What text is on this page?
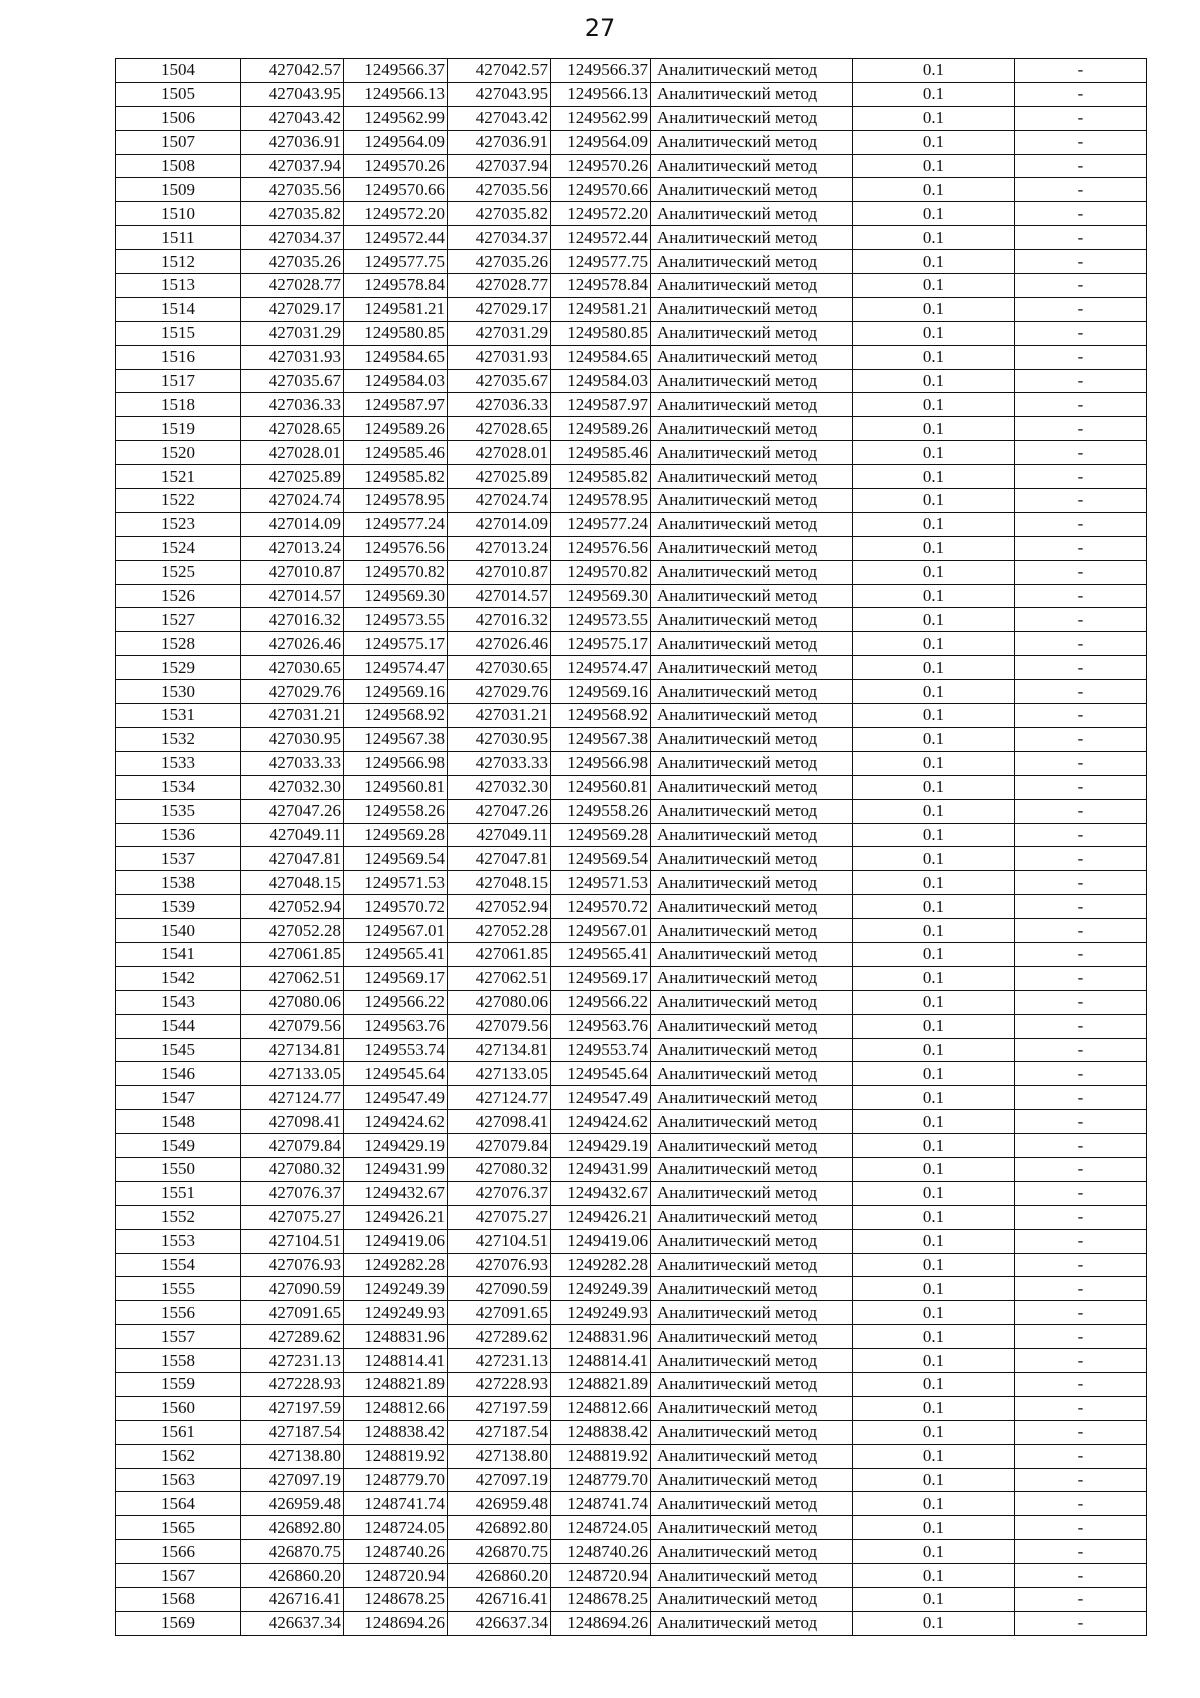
27
1504	427042.57	1249566.37	427042.57	1249566.37	Аналитический метод	0.1	-
1505	427043.95	1249566.13	427043.95	1249566.13	Аналитический метод	0.1	-
1506	427043.42	1249562.99	427043.42	1249562.99	Аналитический метод	0.1	-
1507	427036.91	1249564.09	427036.91	1249564.09	Аналитический метод	0.1	-
1508	427037.94	1249570.26	427037.94	1249570.26	Аналитический метод	0.1	-
1509	427035.56	1249570.66	427035.56	1249570.66	Аналитический метод	0.1	-
1510	427035.82	1249572.20	427035.82	1249572.20	Аналитический метод	0.1	-
1511	427034.37	1249572.44	427034.37	1249572.44	Аналитический метод	0.1	-
1512	427035.26	1249577.75	427035.26	1249577.75	Аналитический метод	0.1	-
1513	427028.77	1249578.84	427028.77	1249578.84	Аналитический метод	0.1	-
1514	427029.17	1249581.21	427029.17	1249581.21	Аналитический метод	0.1	-
1515	427031.29	1249580.85	427031.29	1249580.85	Аналитический метод	0.1	-
1516	427031.93	1249584.65	427031.93	1249584.65	Аналитический метод	0.1	-
1517	427035.67	1249584.03	427035.67	1249584.03	Аналитический метод	0.1	-
1518	427036.33	1249587.97	427036.33	1249587.97	Аналитический метод	0.1	-
1519	427028.65	1249589.26	427028.65	1249589.26	Аналитический метод	0.1	-
1520	427028.01	1249585.46	427028.01	1249585.46	Аналитический метод	0.1	-
1521	427025.89	1249585.82	427025.89	1249585.82	Аналитический метод	0.1	-
1522	427024.74	1249578.95	427024.74	1249578.95	Аналитический метод	0.1	-
1523	427014.09	1249577.24	427014.09	1249577.24	Аналитический метод	0.1	-
1524	427013.24	1249576.56	427013.24	1249576.56	Аналитический метод	0.1	-
1525	427010.87	1249570.82	427010.87	1249570.82	Аналитический метод	0.1	-
1526	427014.57	1249569.30	427014.57	1249569.30	Аналитический метод	0.1	-
1527	427016.32	1249573.55	427016.32	1249573.55	Аналитический метод	0.1	-
1528	427026.46	1249575.17	427026.46	1249575.17	Аналитический метод	0.1	-
1529	427030.65	1249574.47	427030.65	1249574.47	Аналитический метод	0.1	-
1530	427029.76	1249569.16	427029.76	1249569.16	Аналитический метод	0.1	-
1531	427031.21	1249568.92	427031.21	1249568.92	Аналитический метод	0.1	-
1532	427030.95	1249567.38	427030.95	1249567.38	Аналитический метод	0.1	-
1533	427033.33	1249566.98	427033.33	1249566.98	Аналитический метод	0.1	-
1534	427032.30	1249560.81	427032.30	1249560.81	Аналитический метод	0.1	-
1535	427047.26	1249558.26	427047.26	1249558.26	Аналитический метод	0.1	-
1536	427049.11	1249569.28	427049.11	1249569.28	Аналитический метод	0.1	-
1537	427047.81	1249569.54	427047.81	1249569.54	Аналитический метод	0.1	-
1538	427048.15	1249571.53	427048.15	1249571.53	Аналитический метод	0.1	-
1539	427052.94	1249570.72	427052.94	1249570.72	Аналитический метод	0.1	-
1540	427052.28	1249567.01	427052.28	1249567.01	Аналитический метод	0.1	-
1541	427061.85	1249565.41	427061.85	1249565.41	Аналитический метод	0.1	-
1542	427062.51	1249569.17	427062.51	1249569.17	Аналитический метод	0.1	-
1543	427080.06	1249566.22	427080.06	1249566.22	Аналитический метод	0.1	-
1544	427079.56	1249563.76	427079.56	1249563.76	Аналитический метод	0.1	-
1545	427134.81	1249553.74	427134.81	1249553.74	Аналитический метод	0.1	-
1546	427133.05	1249545.64	427133.05	1249545.64	Аналитический метод	0.1	-
1547	427124.77	1249547.49	427124.77	1249547.49	Аналитический метод	0.1	-
1548	427098.41	1249424.62	427098.41	1249424.62	Аналитический метод	0.1	-
1549	427079.84	1249429.19	427079.84	1249429.19	Аналитический метод	0.1	-
1550	427080.32	1249431.99	427080.32	1249431.99	Аналитический метод	0.1	-
1551	427076.37	1249432.67	427076.37	1249432.67	Аналитический метод	0.1	-
1552	427075.27	1249426.21	427075.27	1249426.21	Аналитический метод	0.1	-
1553	427104.51	1249419.06	427104.51	1249419.06	Аналитический метод	0.1	-
1554	427076.93	1249282.28	427076.93	1249282.28	Аналитический метод	0.1	-
1555	427090.59	1249249.39	427090.59	1249249.39	Аналитический метод	0.1	-
1556	427091.65	1249249.93	427091.65	1249249.93	Аналитический метод	0.1	-
1557	427289.62	1248831.96	427289.62	1248831.96	Аналитический метод	0.1	-
1558	427231.13	1248814.41	427231.13	1248814.41	Аналитический метод	0.1	-
1559	427228.93	1248821.89	427228.93	1248821.89	Аналитический метод	0.1	-
1560	427197.59	1248812.66	427197.59	1248812.66	Аналитический метод	0.1	-
1561	427187.54	1248838.42	427187.54	1248838.42	Аналитический метод	0.1	-
1562	427138.80	1248819.92	427138.80	1248819.92	Аналитический метод	0.1	-
1563	427097.19	1248779.70	427097.19	1248779.70	Аналитический метод	0.1	-
1564	426959.48	1248741.74	426959.48	1248741.74	Аналитический метод	0.1	-
1565	426892.80	1248724.05	426892.80	1248724.05	Аналитический метод	0.1	-
1566	426870.75	1248740.26	426870.75	1248740.26	Аналитический метод	0.1	-
1567	426860.20	1248720.94	426860.20	1248720.94	Аналитический метод	0.1	-
1568	426716.41	1248678.25	426716.41	1248678.25	Аналитический метод	0.1	-
1569	426637.34	1248694.26	426637.34	1248694.26	Аналитический метод	0.1	-
